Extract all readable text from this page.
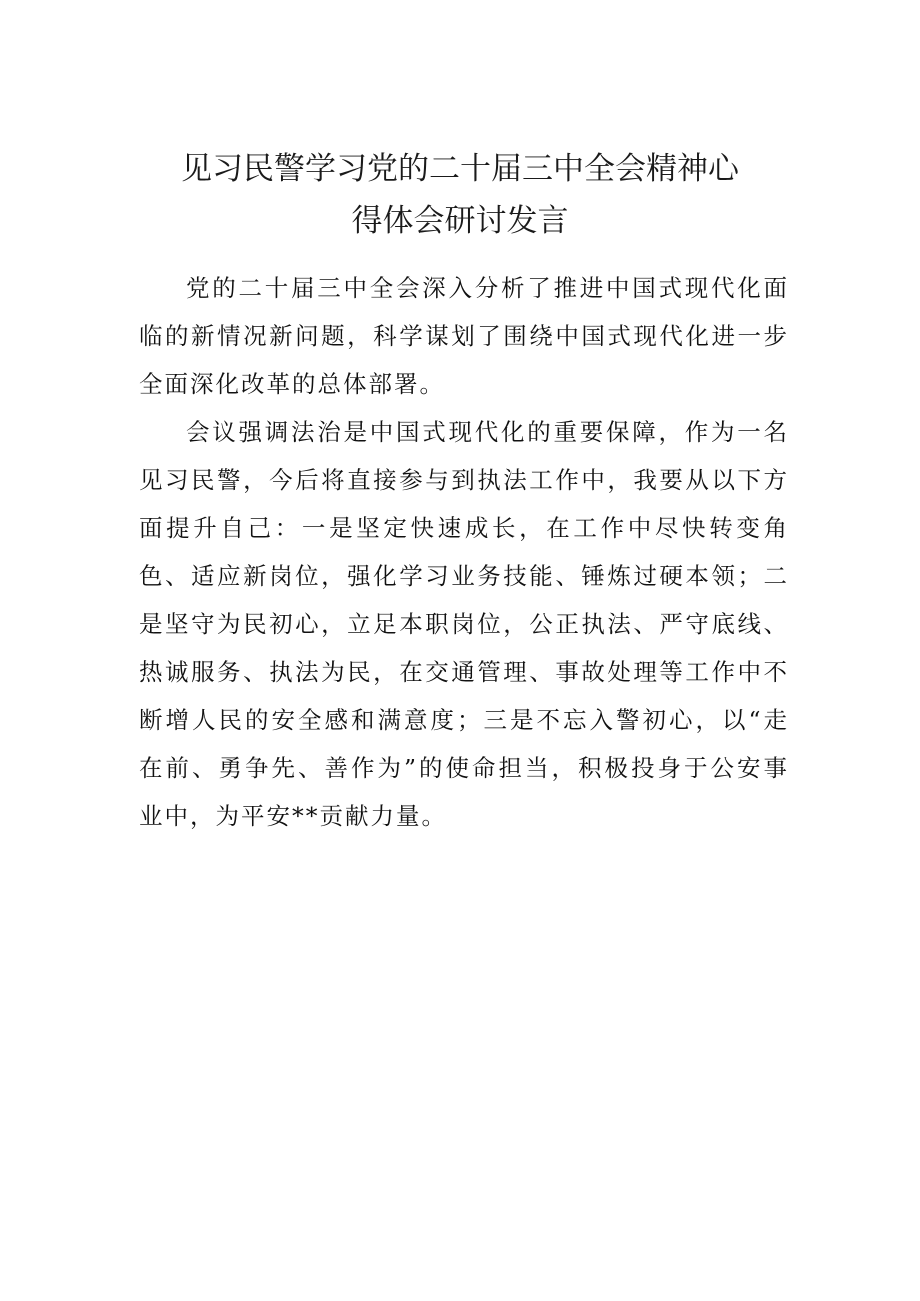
见习民警学习党的二十届三中全会精神心
得体会研讨发言

党的二十届三中全会深入分析了推进中国式现代化面临的新情况新问题，科学谋划了围绕中国式现代化进一步全面深化改革的总体部署。

会议强调法治是中国式现代化的重要保障，作为一名见习民警，今后将直接参与到执法工作中，我要从以下方面提升自己：一是坚定快速成长，在工作中尽快转变角色、适应新岗位，强化学习业务技能、锤炼过硬本领；二是坚守为民初心，立足本职岗位，公正执法、严守底线、热诚服务、执法为民，在交通管理、事故处理等工作中不断增人民的安全感和满意度；三是不忘入警初心，以“走在前、勇争先、善作为”的使命担当，积极投身于公安事业中，为平安**贡献力量。
